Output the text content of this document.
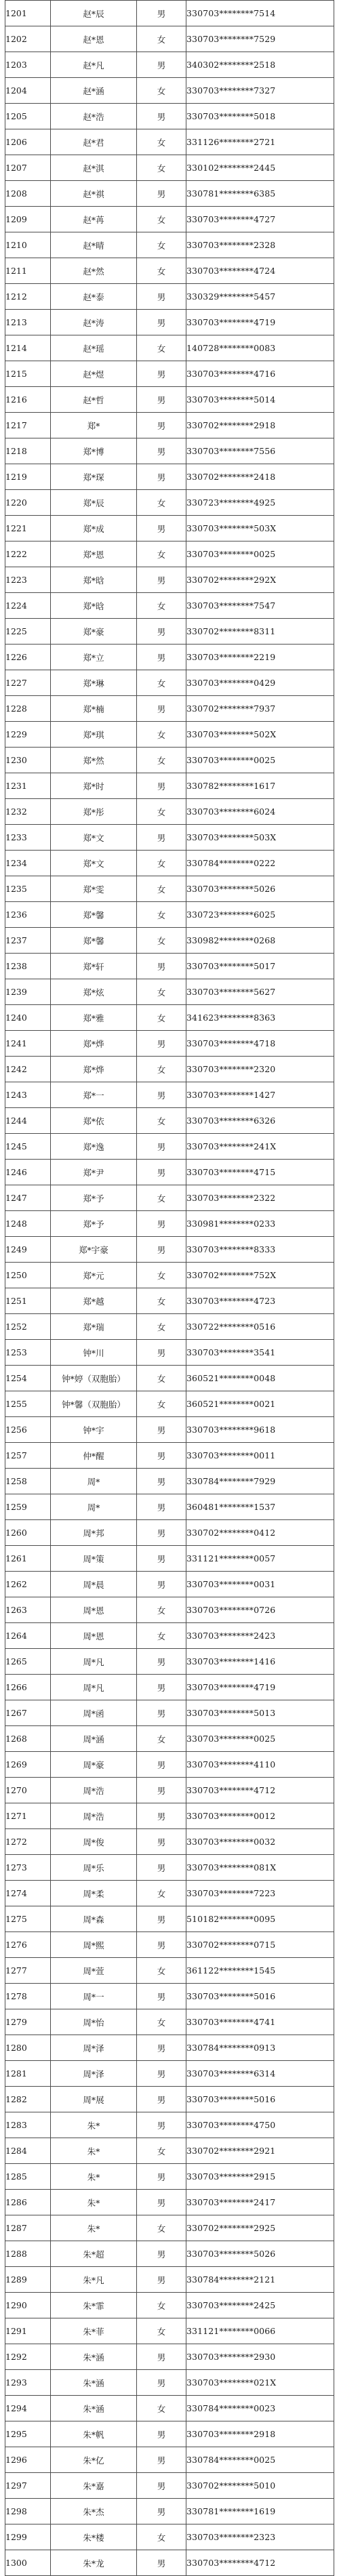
1201	赵*辰	男	330703********7514
1202	赵*恩	女	330703********7529
1203	赵*凡	男	340302********2518
1204	赵*涵	女	330703********7327
1205	赵*浩	男	330703********5018
1206	赵*君	女	331126********2721
1207	赵*淇	女	330102********2445
1208	赵*祺	男	330781********6385
1209	赵*苒	女	330703********4727
1210	赵*晴	女	330703********2328
1211	赵*然	女	330703********4724
1212	赵*泰	男	330329********5457
1213	赵*涛	男	330703********4719
1214	赵*瑶	女	140728********0083
1215	赵*煜	男	330703********4716
1216	赵*哲	男	330703********5014
1217	郑*	男	330702********2918
1218	郑*博	男	330703********7556
1219	郑*琛	男	330702********2418
1220	郑*辰	女	330723********4925
1221	郑*成	男	330703********503X
1222	郑*恩	女	330703********0025
1223	郑*晗	男	330702********292X
1224	郑*晗	女	330703********7547
1225	郑*豪	男	330702********8311
1226	郑*立	男	330703********2219
1227	郑*琳	女	330703********0429
1228	郑*楠	男	330702********7937
1229	郑*琪	女	330703********502X
1230	郑*然	女	330703********0025
1231	郑*时	男	330782********1617
1232	郑*彤	女	330703********6024
1233	郑*文	男	330703********503X
1234	郑*文	女	330784********0222
1235	郑*雯	女	330703********5026
1236	郑*馨	女	330723********6025
1237	郑*馨	女	330982********0268
1238	郑*轩	男	330703********5017
1239	郑*炫	女	330703********5627
1240	郑*雅	女	341623********8363
1241	郑*烨	男	330703********4718
1242	郑*烨	女	330703********2320
1243	郑*一	男	330703********1427
1244	郑*依	女	330703********6326
1245	郑*逸	男	330703********241X
1246	郑*尹	男	330703********4715
1247	郑*予	女	330703********2322
1248	郑*予	男	330981********0233
1249	郑*宇豪	男	330703********8333
1250	郑*元	女	330702********752X
1251	郑*越	女	330703********4723
1252	郑*瑞	女	330722********0516
1253	钟*川	男	330703********3541
1254	钟*婷（双胞胎）	女	360521********0048
1255	钟*馨（双胞胎）	女	360521********0021
1256	钟*宇	男	330703********9618
1257	仲*醒	男	330703********0011
1258	周*	男	330784********7929
1259	周*	男	360481********1537
1260	周*邦	男	330702********0412
1261	周*策	男	331121********0057
1262	周*晨	男	330703********0031
1263	周*恩	女	330703********0726
1264	周*恩	女	330703********2423
1265	周*凡	男	330703********1416
1266	周*凡	男	330703********4719
1267	周*函	男	330703********5013
1268	周*涵	女	330703********0025
1269	周*豪	男	330703********4110
1270	周*浩	男	330703********4712
1271	周*浩	男	330703********0012
1272	周*俊	男	330703********0032
1273	周*乐	男	330703********081X
1274	周*柔	女	330703********7223
1275	周*森	男	510182********0095
1276	周*熙	男	330702********0715
1277	周*萱	女	361122********1545
1278	周*一	男	330703********5016
1279	周*怡	女	330703********4741
1280	周*泽	男	330784********0913
1281	周*泽	男	330703********6314
1282	周*展	男	330703********5016
1283	朱*	男	330703********4750
1284	朱*	女	330702********2921
1285	朱*	男	330703********2915
1286	朱*	男	330703********2417
1287	朱*	女	330702********2925
1288	朱*超	男	330703********5026
1289	朱*凡	男	330784********2121
1290	朱*霏	女	330703********2425
1291	朱*菲	女	331121********0066
1292	朱*涵	男	330703********2930
1293	朱*涵	男	330703********021X
1294	朱*涵	女	330784********0023
1295	朱*帆	男	330703********2918
1296	朱*亿	男	330784********0025
1297	朱*嘉	男	330702********5010
1298	朱*杰	男	330781********1619
1299	朱*楼	女	330703********2323
1300	朱*龙	男	330703********4712
